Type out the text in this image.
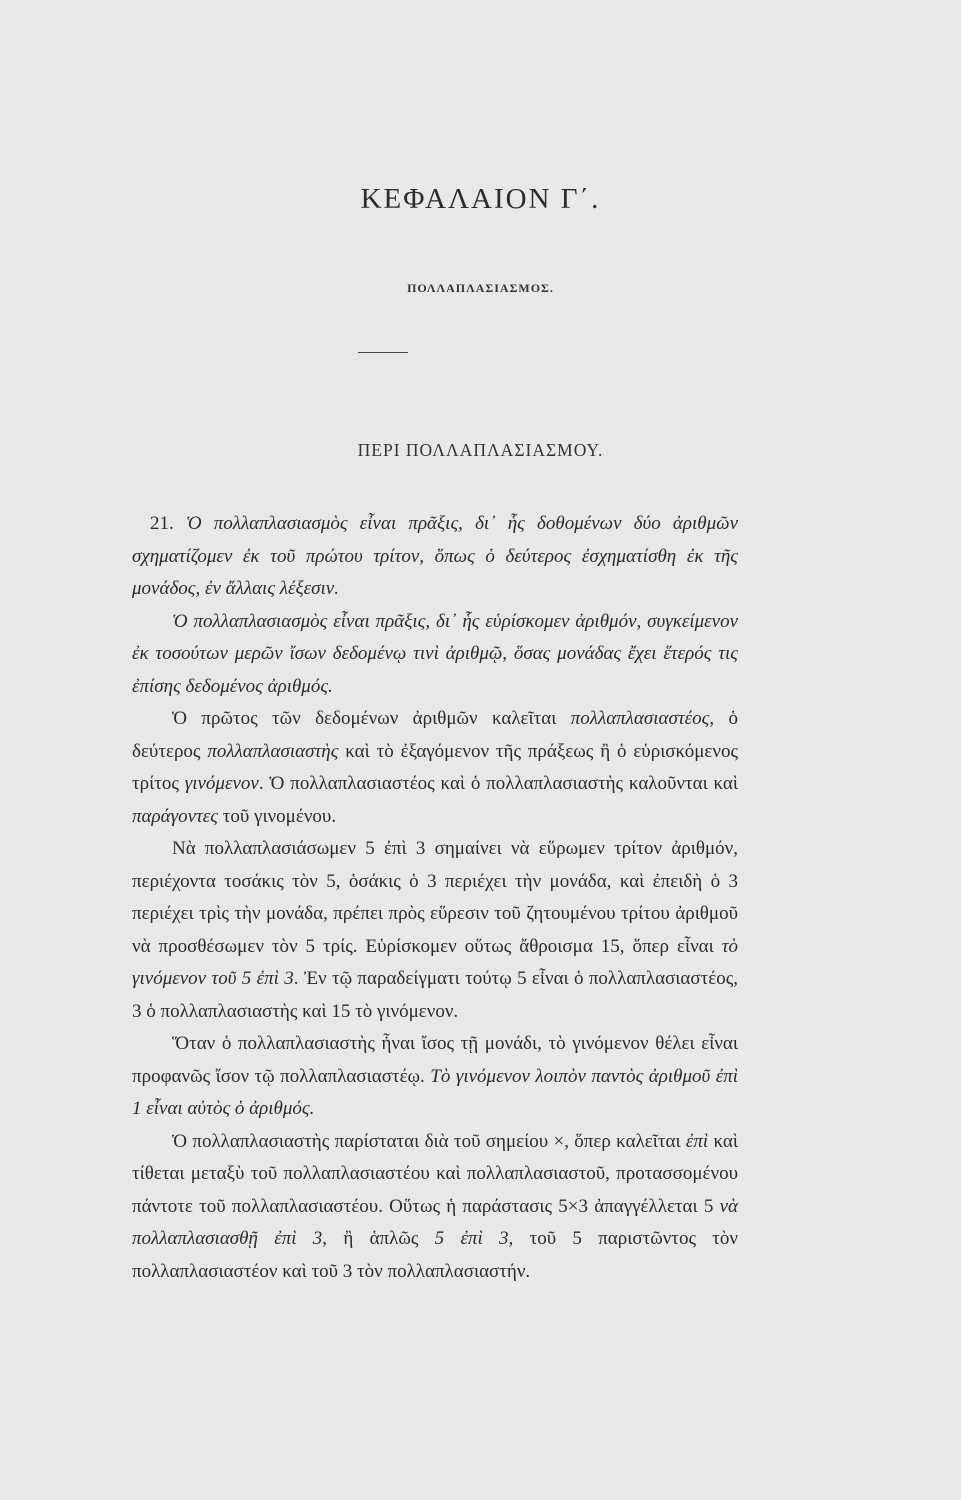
ΚΕΦΑΛΑΙΟΝ Γ΄.
ΠΟΛΛΑΠΛΑΣΙΑΣΜΟΣ.
ΠΕΡΙ ΠΟΛΛΑΠΛΑΣΙΑΣΜΟΥ.

21. Ὁ πολλαπλασιασμὸς εἶναι πρᾶξις, δι᾽ ἧς δοθομένων δύο ἀριθμῶν σχηματίζομεν ἐκ τοῦ πρώτου τρίτον, ὅπως ὁ δεύτερος ἐσχηματίσθη ἐκ τῆς μονάδος, ἐν ἄλλαις λέξεσιν.

Ὁ πολλαπλασιασμὸς εἶναι πρᾶξις, δι᾽ ἧς εὑρίσκομεν ἀριθμόν, συγκείμενον ἐκ τοσούτων μερῶν ἴσων δεδομένῳ τινὶ ἀριθμῷ, ὅσας μονάδας ἔχει ἕτερός τις ἐπίσης δεδομένος ἀριθμός.

Ὁ πρῶτος τῶν δεδομένων ἀριθμῶν καλεῖται πολλαπλασιαστέος, ὁ δεύτερος πολλαπλασιαστὴς καὶ τὸ ἐξαγόμενον τῆς πράξεως ἢ ὁ εὑρισκόμενος τρίτος γινόμενον. Ὁ πολλαπλασιαστέος καὶ ὁ πολλαπλασιαστὴς καλοῦνται καὶ παράγοντες τοῦ γινομένου.

Νὰ πολλαπλασιάσωμεν 5 ἐπὶ 3 σημαίνει νὰ εὕρωμεν τρίτον ἀριθμόν, περιέχοντα τοσάκις τὸν 5, ὁσάκις ὁ 3 περιέχει τὴν μονάδα, καὶ ἐπειδὴ ὁ 3 περιέχει τρὶς τὴν μονάδα, πρέπει πρὸς εὕρεσιν τοῦ ζητουμένου τρίτου ἀριθμοῦ νὰ προσθέσωμεν τὸν 5 τρίς. Εὑρίσκομεν οὕτως ἄθροισμα 15, ὅπερ εἶναι τὸ γινόμενον τοῦ 5 ἐπὶ 3. Ἐν τῷ παραδείγματι τούτῳ 5 εἶναι ὁ πολλαπλασιαστέος, 3 ὁ πολλαπλασιαστὴς καὶ 15 τὸ γινόμενον.

Ὅταν ὁ πολλαπλασιαστὴς ἦναι ἴσος τῇ μονάδι, τὸ γινόμενον θέλει εἶναι προφανῶς ἴσον τῷ πολλαπλασιαστέῳ. Τὸ γινόμενον λοιπὸν παντὸς ἀριθμοῦ ἐπὶ 1 εἶναι αὐτὸς ὁ ἀριθμός.

Ὁ πολλαπλασιαστὴς παρίσταται διὰ τοῦ σημείου ×, ὅπερ καλεῖται ἐπὶ καὶ τίθεται μεταξὺ τοῦ πολλαπλασιαστέου καὶ πολλαπλασιαστοῦ, προτασσομένου πάντοτε τοῦ πολλαπλασιαστέου. Οὕτως ἡ παράστασις 5×3 ἀπαγγέλλεται 5 νὰ πολλαπλασιασθῇ ἐπὶ 3, ἢ ἁπλῶς 5 ἐπὶ 3, τοῦ 5 παριστῶντος τὸν πολλαπλασιαστέον καὶ τοῦ 3 τὸν πολλαπλασιαστήν.
